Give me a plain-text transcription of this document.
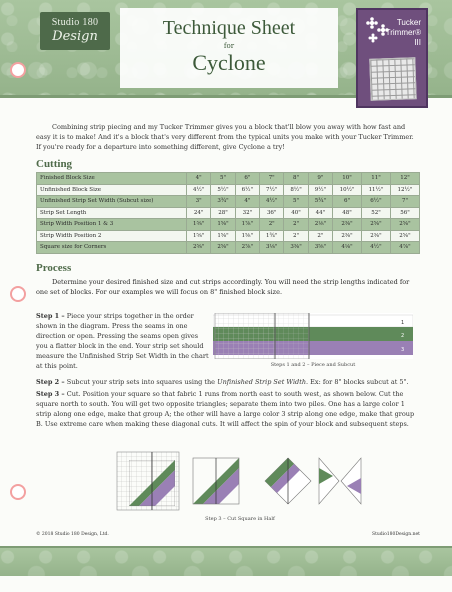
Studio 180
Design	Technique Sheet
for
Cyclone
Tucker
Trimmer® III

Combining strip piecing and my Tucker Trimmer gives you a block that'll blow you away with how fast and easy it is to make! And it's a block that's very different from the typical units you make with your Tucker Trimmer. If you're ready for a departure into something different, give Cyclone a try!

Cutting
Finished Block Size	4"	5"	6"	7"	8"	9"	10"	11"	12"
Unfinished Block Size	4½"	5½"	6½"	7½"	8½"	9½"	10½"	11½"	12½"
Unfinished Strip Set Width (Subcut size)	3"	3¾"	4"	4½"	5"	5¾"	6"	6½"	7"
Strip Set Length	24"	28"	32"	36"	40"	44"	48"	52"	56"
Strip Width Position 1 & 3	1⅜"	1⅝"	1⅞"	2"	2"	2⅛"	2⅜"	2⅝"	2⅝"
Strip Width Position 2	1⅝"	1⅝"	1⅝"	1¾"	2"	2"	2⅜"	2⅜"	2⅝"
Square size for Corners	2⅜"	2⅝"	2⅞"	3⅛"	3⅜"	3⅝"	4⅛"	4½"	4⅞"
Process

Determine your desired finished size and cut strips accordingly. You will need the strip lengths indicated for one set of blocks. For our examples we will focus on 8" finished block size.

Step 1 – Piece your strips together in the order shown in the diagram. Press the seams in one direction or open. Pressing the seams open gives you a flatter block in the end. Your strip set should measure the Unfinished Strip Set Width in the chart at this point.
1
2
3
Steps 1 and 2 – Piece and Subcut
Step 2 – Subcut your strip sets into squares using the Unfinished Strip Set Width. Ex: for 8" blocks subcut at 5".
Step 3 – Cut. Position your square so that fabric 1 runs from north east to south west, as shown below. Cut the square north to south. You will get two opposite triangles; separate them into two piles. One has a large color 1 strip along one edge, make that group A; the other will have a large color 3 strip along one edge, make that group B. Use extreme care when making these diagonal cuts. It will affect the spin of your block and subsequent steps.
Step 3 – Cut Square in Half
© 2018 Studio 180 Design, Ltd.	Studio180Design.net
